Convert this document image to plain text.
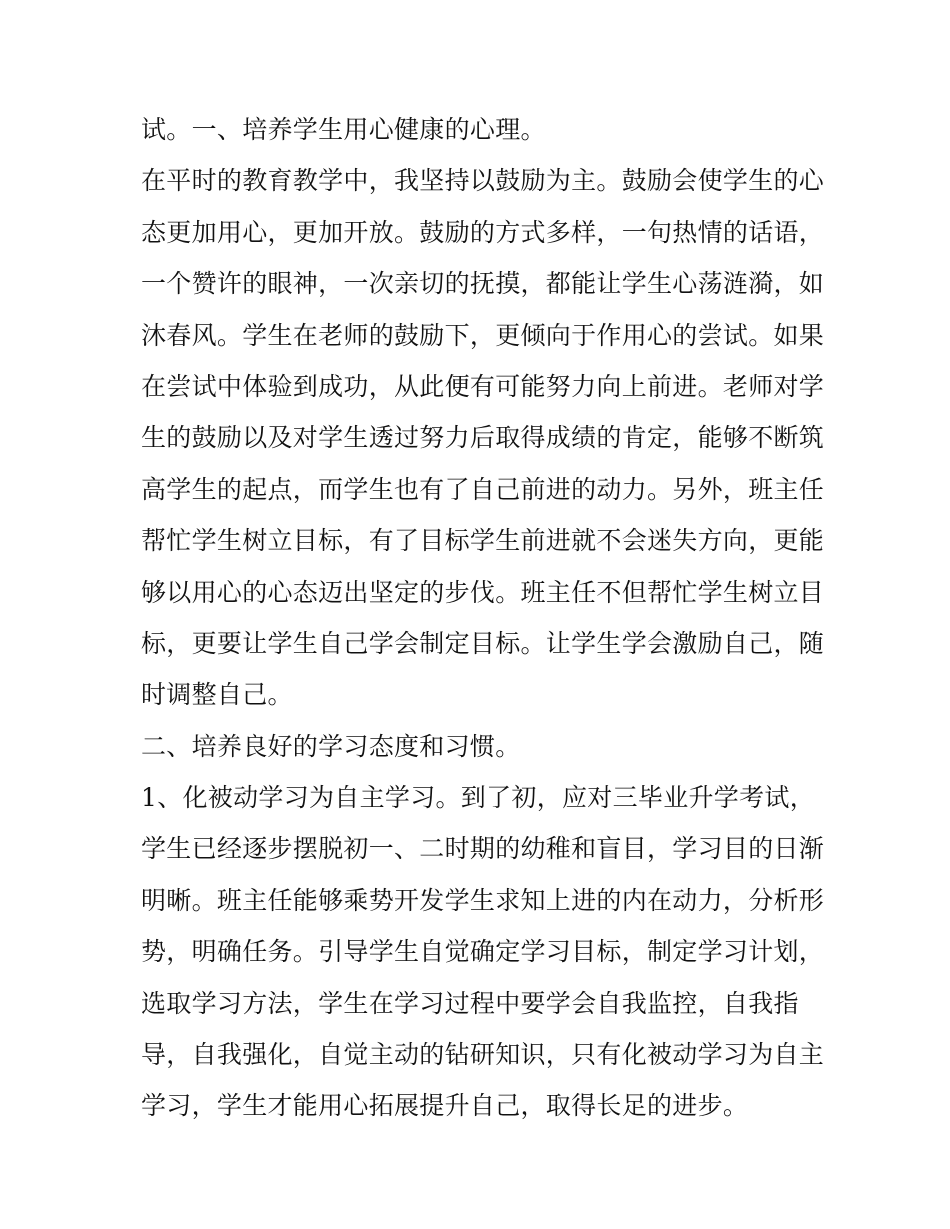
试。一、培养学生用心健康的心理。
在平时的教育教学中，我坚持以鼓励为主。鼓励会使学生的心
态更加用心，更加开放。鼓励的方式多样，一句热情的话语，
一个赞许的眼神，一次亲切的抚摸，都能让学生心荡涟漪，如
沐春风。学生在老师的鼓励下，更倾向于作用心的尝试。如果
在尝试中体验到成功，从此便有可能努力向上前进。老师对学
生的鼓励以及对学生透过努力后取得成绩的肯定，能够不断筑
高学生的起点，而学生也有了自己前进的动力。另外，班主任
帮忙学生树立目标，有了目标学生前进就不会迷失方向，更能
够以用心的心态迈出坚定的步伐。班主任不但帮忙学生树立目
标，更要让学生自己学会制定目标。让学生学会激励自己，随
时调整自己。
二、培养良好的学习态度和习惯。
1、化被动学习为自主学习。到了初，应对三毕业升学考试，
学生已经逐步摆脱初一、二时期的幼稚和盲目，学习目的日渐
明晰。班主任能够乘势开发学生求知上进的内在动力，分析形
势，明确任务。引导学生自觉确定学习目标，制定学习计划，
选取学习方法，学生在学习过程中要学会自我监控，自我指
导，自我强化，自觉主动的钻研知识，只有化被动学习为自主
学习，学生才能用心拓展提升自己，取得长足的进步。
